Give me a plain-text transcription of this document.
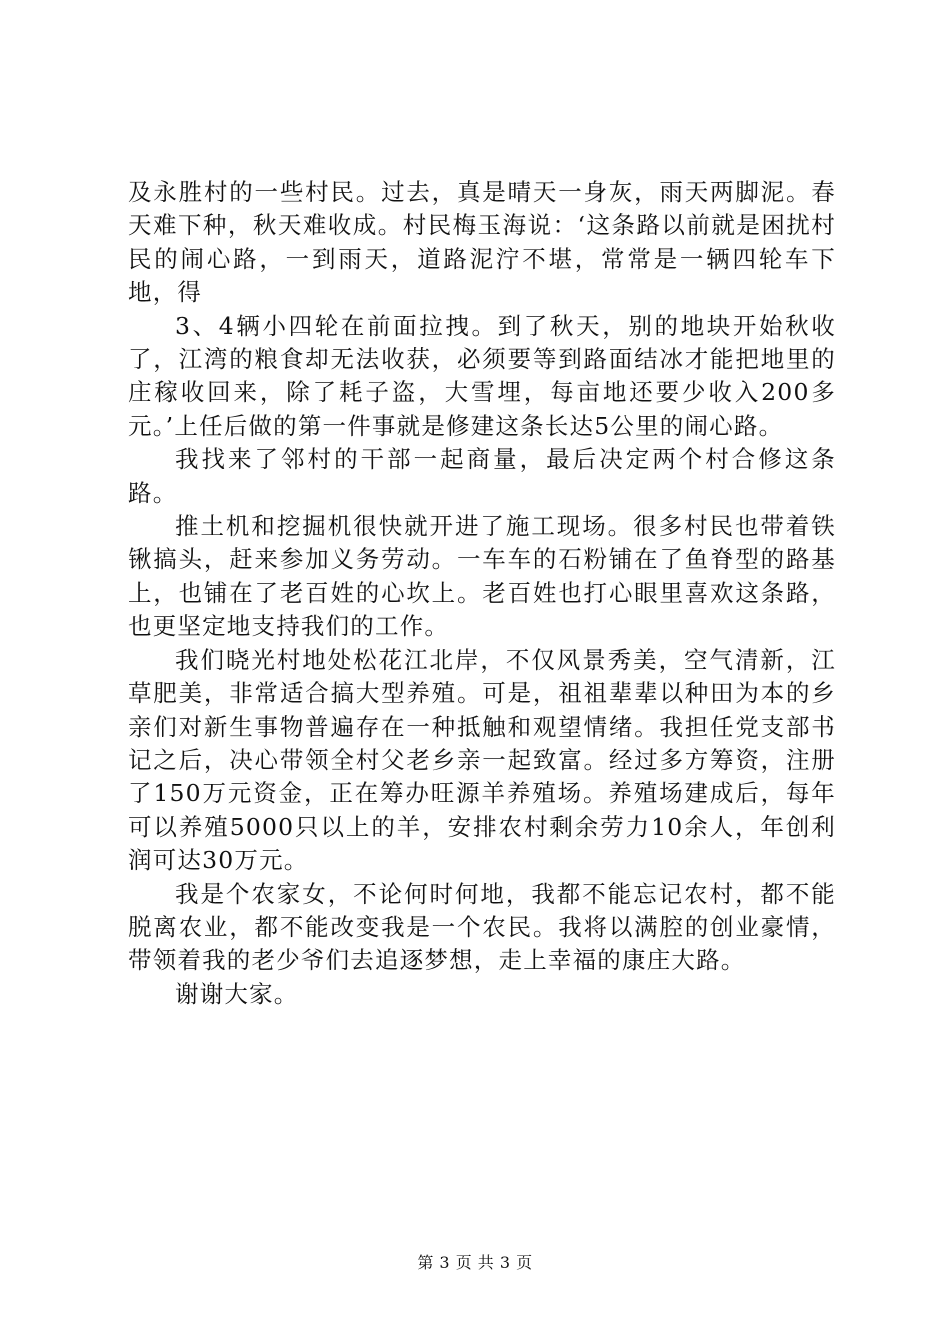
及永胜村的一些村民。过去，真是晴天一身灰，雨天两脚泥。春天难下种，秋天难收成。村民梅玉海说：‘这条路以前就是困扰村民的闹心路，一到雨天，道路泥泞不堪，常常是一辆四轮车下地，得

3、4辆小四轮在前面拉拽。到了秋天，别的地块开始秋收了，江湾的粮食却无法收获，必须要等到路面结冰才能把地里的庄稼收回来，除了耗子盗，大雪埋，每亩地还要少收入200多元。’上任后做的第一件事就是修建这条长达5公里的闹心路。

我找来了邻村的干部一起商量，最后决定两个村合修这条路。

推土机和挖掘机很快就开进了施工现场。很多村民也带着铁锹搞头，赶来参加义务劳动。一车车的石粉铺在了鱼脊型的路基上，也铺在了老百姓的心坎上。老百姓也打心眼里喜欢这条路，也更坚定地支持我们的工作。

我们晓光村地处松花江北岸，不仅风景秀美，空气清新，江草肥美，非常适合搞大型养殖。可是，祖祖辈辈以种田为本的乡亲们对新生事物普遍存在一种抵触和观望情绪。我担任党支部书记之后，决心带领全村父老乡亲一起致富。经过多方筹资，注册了150万元资金，正在筹办旺源羊养殖场。养殖场建成后，每年可以养殖5000只以上的羊，安排农村剩余劳力10余人，年创利润可达30万元。

我是个农家女，不论何时何地，我都不能忘记农村，都不能脱离农业，都不能改变我是一个农民。我将以满腔的创业豪情，带领着我的老少爷们去追逐梦想，走上幸福的康庄大路。

谢谢大家。

第 3 页 共 3 页
